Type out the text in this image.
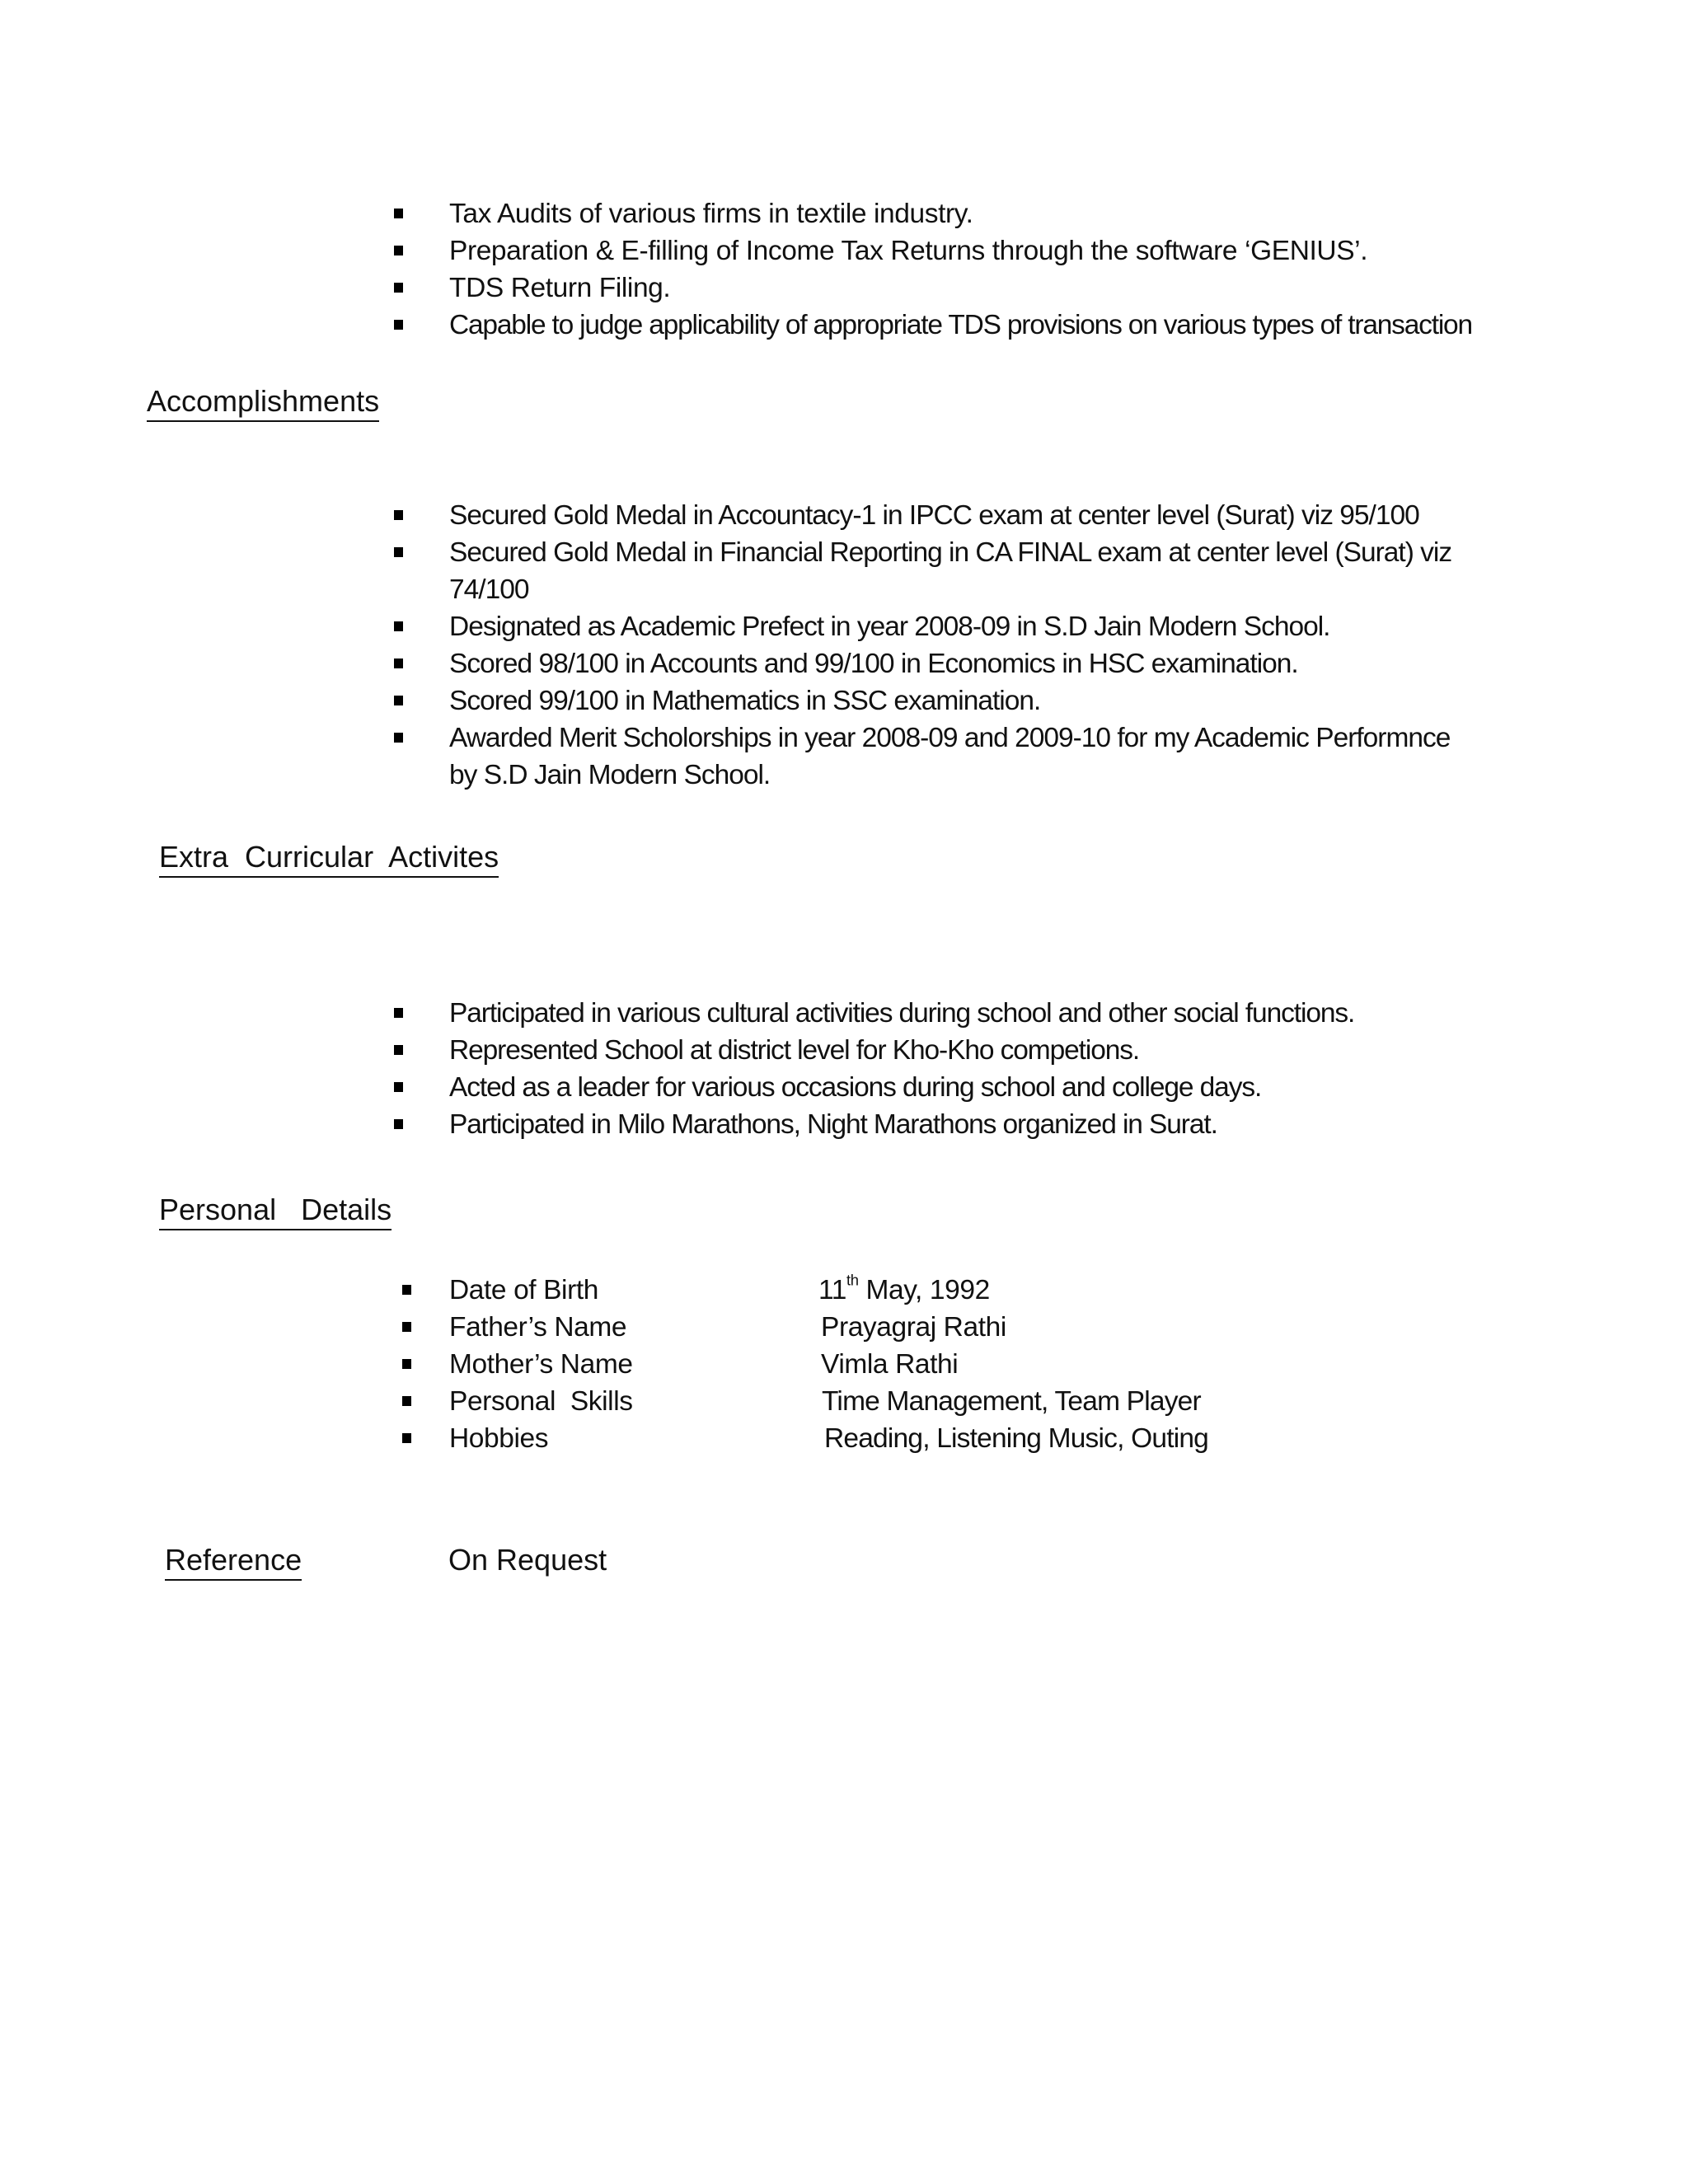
Tax Audits of various firms in textile industry.
Preparation & E-filling of Income Tax Returns through the software ‘GENIUS’.
TDS Return Filing.
Capable to judge applicability of appropriate TDS provisions on various types of transaction
Accomplishments
Secured Gold Medal in Accountacy-1 in IPCC exam at center level (Surat) viz 95/100
Secured Gold Medal in Financial Reporting in CA FINAL exam at center level (Surat) viz 74/100
Designated as Academic Prefect in year 2008-09 in S.D Jain Modern School.
Scored 98/100 in Accounts and 99/100 in Economics in HSC examination.
Scored 99/100 in Mathematics in SSC examination.
Awarded Merit Scholorships in year 2008-09 and 2009-10 for my Academic Performnce by S.D Jain Modern School.
Extra  Curricular  Activites
Participated in various cultural activities during school and other social functions.
Represented School at district level for Kho-Kho competions.
Acted as a leader for various occasions during school and college days.
Participated in Milo Marathons, Night Marathons organized in Surat.
Personal   Details
Date of Birth	11th May, 1992
Father’s Name	Prayagraj Rathi
Mother’s Name	Vimla Rathi
Personal  Skills	Time Management, Team Player
Hobbies	Reading, Listening Music, Outing
Reference	On Request
